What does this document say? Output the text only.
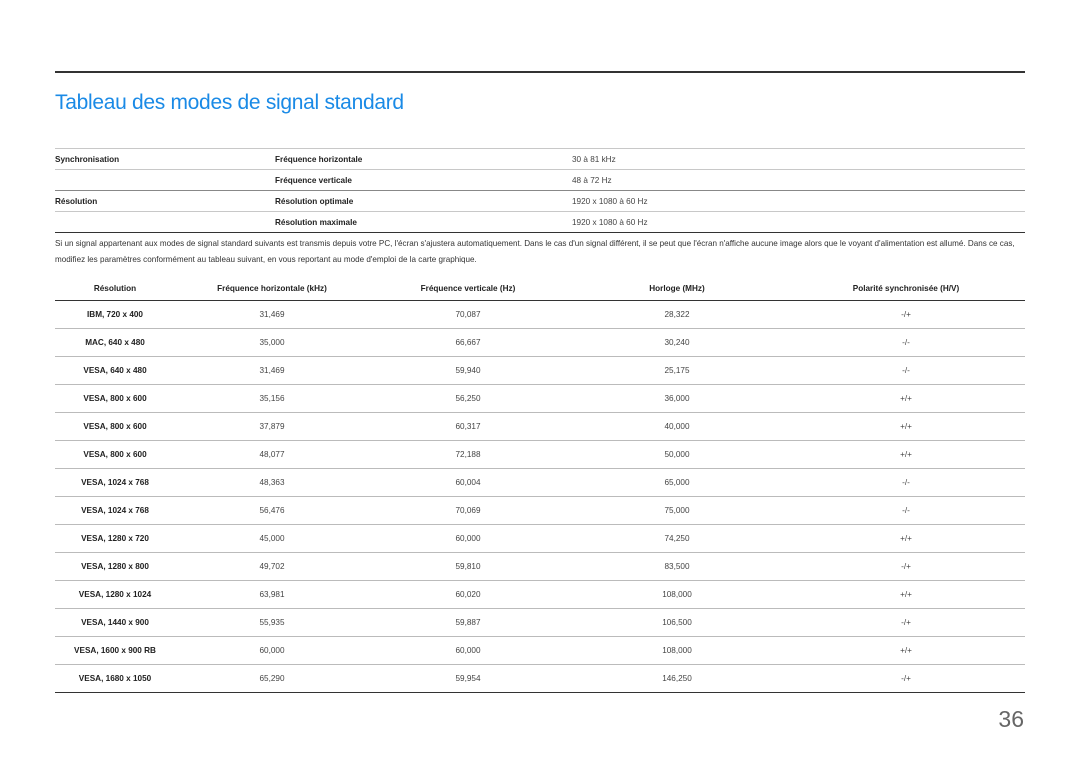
Tableau des modes de signal standard
Synchronisation	Fréquence horizontale	30 à 81 kHz
	Fréquence verticale	48 à 72 Hz
Résolution	Résolution optimale	1920 x 1080 à 60 Hz
	Résolution maximale	1920 x 1080 à 60 Hz

Si un signal appartenant aux modes de signal standard suivants est transmis depuis votre PC, l'écran s'ajustera automatiquement. Dans le cas d'un signal différent, il se peut que l'écran n'affiche aucune image alors que le voyant d'alimentation est allumé. Dans ce cas, modifiez les paramètres conformément au tableau suivant, en vous reportant au mode d'emploi de la carte graphique.

Résolution	Fréquence horizontale (kHz)	Fréquence verticale (Hz)	Horloge (MHz)	Polarité synchronisée (H/V)
IBM, 720 x 400	31,469	70,087	28,322	-/+
MAC, 640 x 480	35,000	66,667	30,240	-/-
VESA, 640 x 480	31,469	59,940	25,175	-/-
VESA, 800 x 600	35,156	56,250	36,000	+/+
VESA, 800 x 600	37,879	60,317	40,000	+/+
VESA, 800 x 600	48,077	72,188	50,000	+/+
VESA, 1024 x 768	48,363	60,004	65,000	-/-
VESA, 1024 x 768	56,476	70,069	75,000	-/-
VESA, 1280 x 720	45,000	60,000	74,250	+/+
VESA, 1280 x 800	49,702	59,810	83,500	-/+
VESA, 1280 x 1024	63,981	60,020	108,000	+/+
VESA, 1440 x 900	55,935	59,887	106,500	-/+
VESA, 1600 x 900 RB	60,000	60,000	108,000	+/+
VESA, 1680 x 1050	65,290	59,954	146,250	-/+
36
